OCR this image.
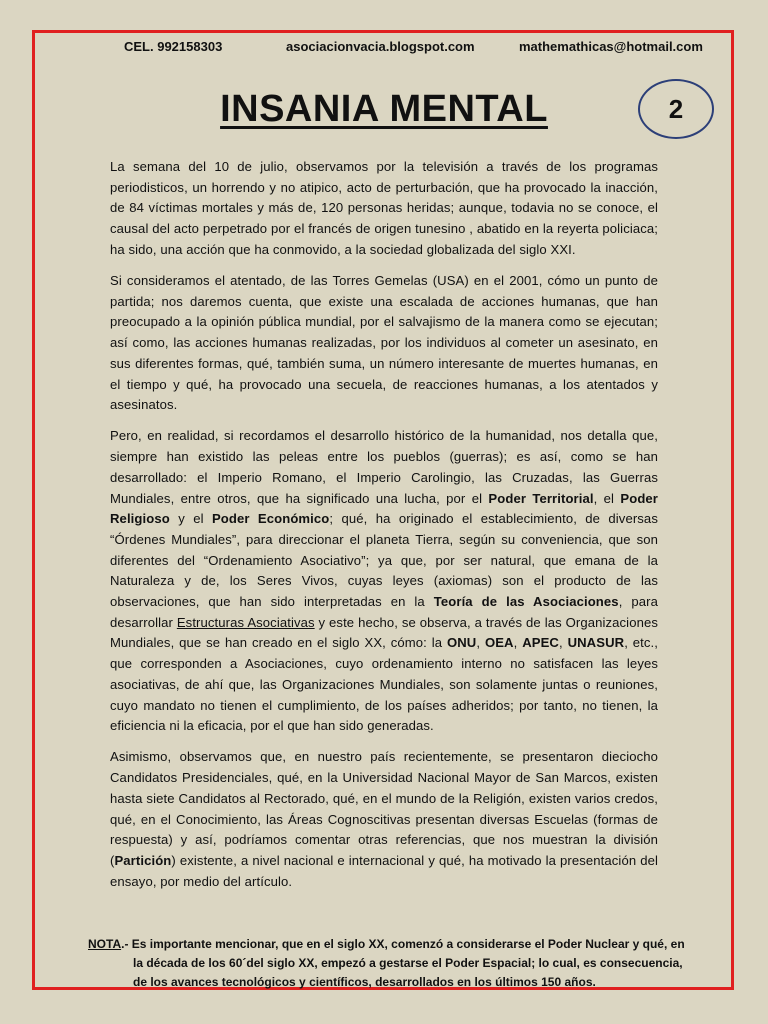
CEL. 992158303	asociacionvacia.blogspot.com	mathemathicas@hotmail.com
INSANIA MENTAL	2

La semana del 10 de julio, observamos por la televisión a través de los programas periodisticos, un horrendo y no atipico, acto de perturbación, que ha provocado la inacción, de 84 víctimas mortales y más de, 120 personas heridas; aunque, todavia no se conoce, el causal del acto perpetrado por el francés de origen tunesino , abatido en la reyerta policiaca; ha sido, una acción que ha conmovido, a la sociedad globalizada del siglo XXI.

Si consideramos el atentado, de las Torres Gemelas (USA) en el 2001, cómo un punto de partida; nos daremos cuenta, que existe una escalada de acciones humanas, que han preocupado a la opinión pública mundial, por el salvajismo de la manera como se ejecutan; así como, las acciones humanas realizadas, por los individuos al cometer un asesinato, en sus diferentes formas, qué, también suma, un número interesante de muertes humanas, en el tiempo y qué, ha provocado una secuela, de reacciones humanas, a los atentados y asesinatos.

Pero, en realidad, si recordamos el desarrollo histórico de la humanidad, nos detalla que, siempre han existido las peleas entre los pueblos (guerras); es así, como se han desarrollado: el Imperio Romano, el Imperio Carolingio, las Cruzadas, las Guerras Mundiales, entre otros, que ha significado una lucha, por el Poder Territorial, el Poder Religioso y el Poder Económico; qué, ha originado el establecimiento, de diversas “Órdenes Mundiales”, para direccionar el planeta Tierra, según su conveniencia, que son diferentes del “Ordenamiento Asociativo”; ya que, por ser natural, que emana de la Naturaleza y de, los Seres Vivos, cuyas leyes (axiomas) son el producto de las observaciones, que han sido interpretadas en la Teoría de las Asociaciones, para desarrollar Estructuras Asociativas y este hecho, se observa, a través de las Organizaciones Mundiales, que se han creado en el siglo XX, cómo: la ONU, OEA, APEC, UNASUR, etc., que corresponden a Asociaciones, cuyo ordenamiento interno no satisfacen las leyes asociativas, de ahí que, las Organizaciones Mundiales, son solamente juntas o reuniones, cuyo mandato no tienen el cumplimiento, de los países adheridos; por tanto, no tienen, la eficiencia ni la eficacia, por el que han sido generadas.

Asimismo, observamos que, en nuestro país recientemente, se presentaron dieciocho Candidatos Presidenciales, qué, en la Universidad Nacional Mayor de San Marcos, existen hasta siete Candidatos al Rectorado, qué, en el mundo de la Religión, existen varios credos, qué, en el Conocimiento, las Áreas Cognoscitivas presentan diversas Escuelas (formas de respuesta) y así, podríamos comentar otras referencias, que nos muestran la división (Partición) existente, a nivel nacional e internacional y qué, ha motivado la presentación del ensayo, por medio del artículo.

NOTA.- Es importante mencionar, que en el siglo XX, comenzó a considerarse el Poder Nuclear y qué, en
la década de los 60´del siglo XX, empezó a gestarse el Poder Espacial; lo cual, es consecuencia,
de los avances tecnológicos y científicos, desarrollados en los últimos 150 años.
